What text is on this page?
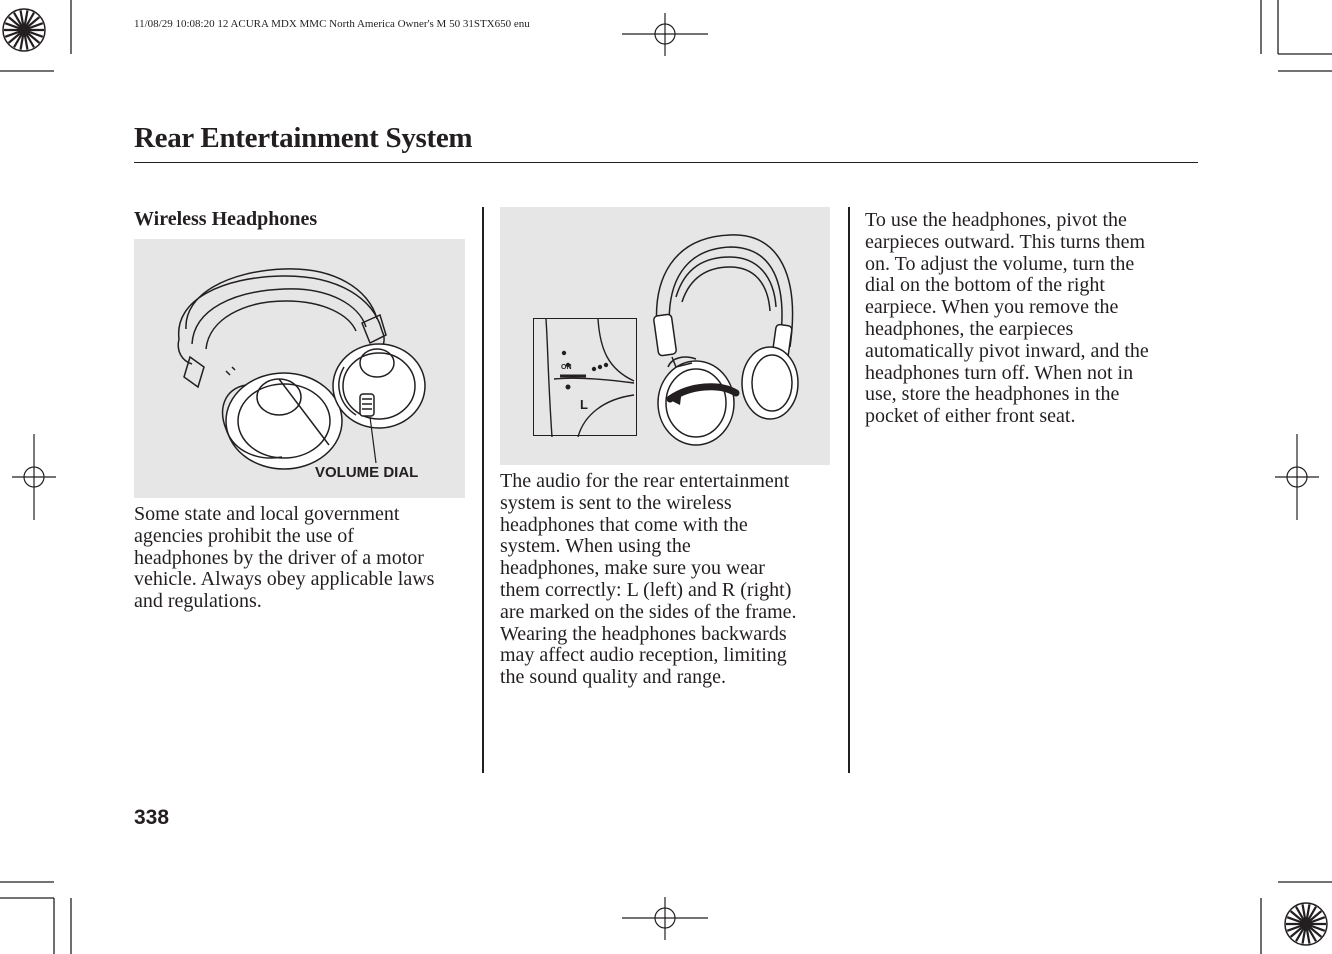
11/08/29 10:08:20 12 ACURA MDX MMC North America Owner's M 50 31STX650 enu
Rear Entertainment System
Wireless Headphones
VOLUME DIAL
Some state and local government
agencies prohibit the use of
headphones by the driver of a motor
vehicle. Always obey applicable laws
and regulations.
ON
L
The audio for the rear entertainment
system is sent to the wireless
headphones that come with the
system. When using the
headphones, make sure you wear
them correctly: L (left) and R (right)
are marked on the sides of the frame.
Wearing the headphones backwards
may affect audio reception, limiting
the sound quality and range.
To use the headphones, pivot the
earpieces outward. This turns them
on. To adjust the volume, turn the
dial on the bottom of the right
earpiece. When you remove the
headphones, the earpieces
automatically pivot inward, and the
headphones turn off. When not in
use, store the headphones in the
pocket of either front seat.
338
